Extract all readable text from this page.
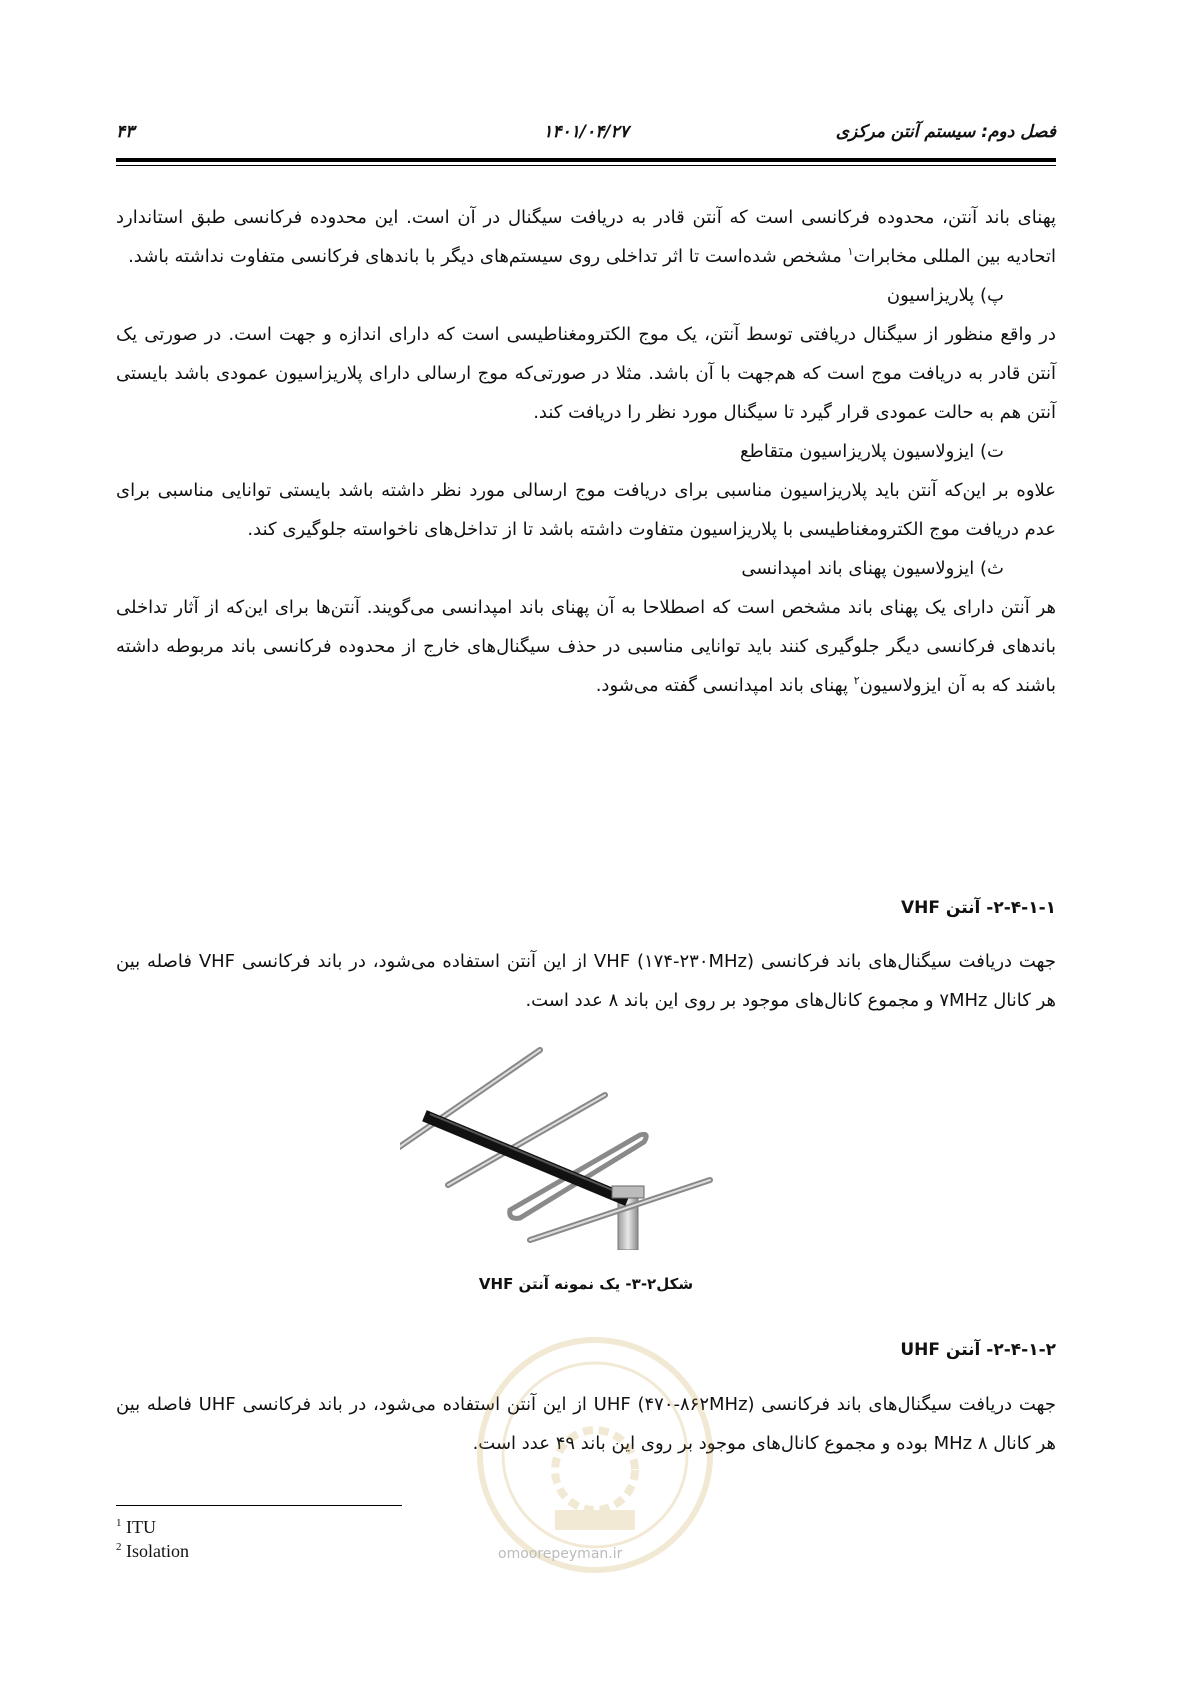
فصل دوم: سیستم آنتن مرکزی
۱۴۰۱/۰۴/۲۷
۴۳

پهنای باند آنتن، محدوده فرکانسی است که آنتن قادر به دریافت سیگنال در آن است. این محدوده فرکانسی طبق استاندارد اتحادیه بین المللی مخابرات$^۱$ مشخص شده‌است تا اثر تداخلی روی سیستم‌های دیگر با باندهای فرکانسی متفاوت نداشته باشد.

پ) پلاریزاسیون

در واقع منظور از سیگنال دریافتی توسط آنتن، یک موج الکترومغناطیسی است که دارای اندازه و جهت است. در صورتی یک آنتن قادر به دریافت موج است که هم‌جهت با آن باشد. مثلا در صورتی‌که موج ارسالی دارای پلاریزاسیون عمودی باشد بایستی آنتن هم به حالت عمودی قرار گیرد تا سیگنال مورد نظر را دریافت کند.

ت) ایزولاسیون پلاریزاسیون متقاطع

علاوه بر این‌که آنتن باید پلاریزاسیون مناسبی برای دریافت موج ارسالی مورد نظر داشته باشد بایستی توانایی مناسبی برای عدم دریافت موج الکترومغناطیسی با پلاریزاسیون متفاوت داشته باشد تا از تداخل‌های ناخواسته جلوگیری کند.

ث) ایزولاسیون پهنای باند امپدانسی

هر آنتن دارای یک پهنای باند مشخص است که اصطلاحا به آن پهنای باند امپدانسی می‌گویند. آنتن‌ها برای این‌که از آثار تداخلی باندهای فرکانسی دیگر جلوگیری کنند باید توانایی مناسبی در حذف سیگنال‌های خارج از محدوده فرکانسی باند مربوطه داشته باشند که به آن ایزولاسیون$^۲$ پهنای باند امپدانسی گفته می‌شود.

۲-۴-۱-۱- آنتن VHF

جهت دریافت سیگنال‌های باند فرکانسی VHF (۱۷۴-۲۳۰MHz) از این آنتن استفاده می‌شود، در باند فرکانسی VHF فاصله بین هر کانال ۷MHz و مجموع کانال‌های موجود بر روی این باند ۸ عدد است.

شکل۲-۳- یک نمونه آنتن VHF
۲-۴-۱-۲- آنتن UHF

جهت دریافت سیگنال‌های باند فرکانسی UHF (۴۷۰-۸۶۲MHz) از این آنتن استفاده می‌شود، در باند فرکانسی UHF فاصله بین هر کانال ۸ MHz بوده و مجموع کانال‌های موجود بر روی این باند ۴۹ عدد است.

omoorepeyman.ir
$^1$ ITU
$^2$ Isolation
